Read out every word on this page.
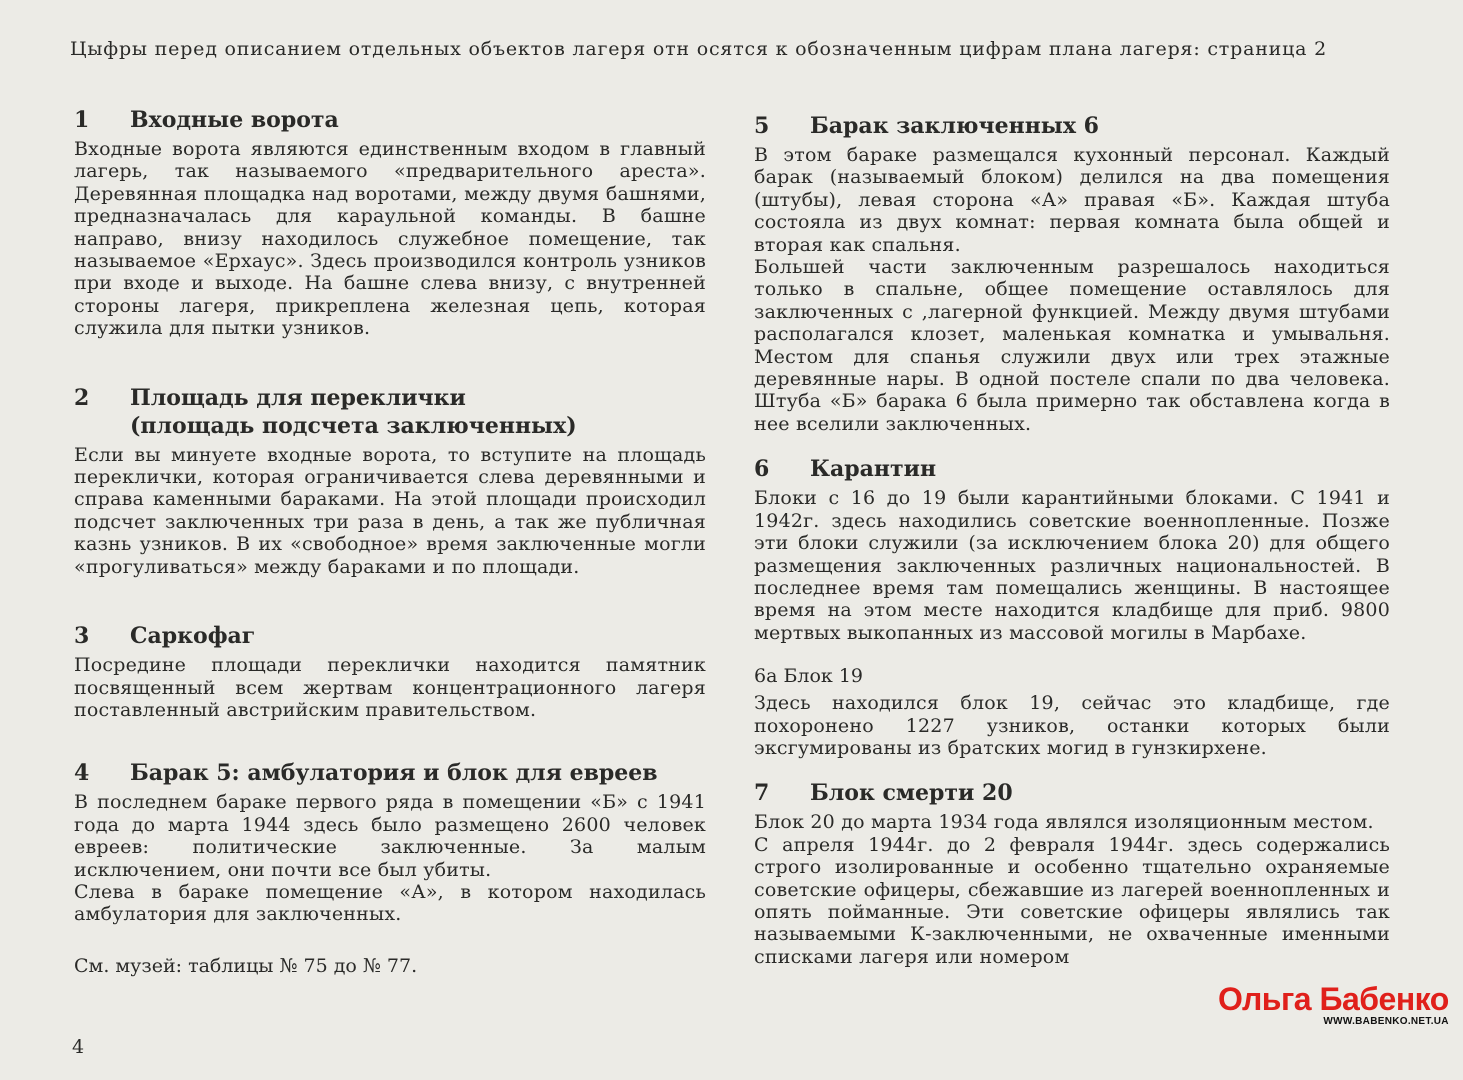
Цыфры перед описанием отдельных объектов лагеря отн осятся к обозначенным цифрам плана лагеря: страница 2
1	Входные ворота

Входные ворота являются единственным входом в главный лагерь, так называемого «предварительного ареста». Деревянная площадка над воротами, между двумя башнями, предназначалась для караульной команды. В башне направо, внизу находилось служебное помещение, так называемое «Ерхаус». Здесь производился контроль узников при входе и выходе. На башне слева внизу, с внутренней стороны лагеря, прикреплена железная цепь, которая служила для пытки узников.

2	Площадь для переклички
(площадь подсчета заключенных)

Если вы минуете входные ворота, то вступите на площадь переклички, которая ограничивается слева деревянными и справа каменными бараками. На этой площади происходил подсчет заключенных три раза в день, а так же публичная казнь узников. В их «свободное» время заключенные могли «прогуливаться» между бараками и по площади.

3	Саркофаг

Посредине площади переклички находится памятник посвященный всем жертвам концентрационного лагеря поставленный австрийским правительством.

4	Барак 5: амбулатория и блок для евреев

В последнем бараке первого ряда в помещении «Б» с 1941 года до марта 1944 здесь было размещено 2600 человек евреев: политические заключенные. За малым исключением, они почти все был убиты.

Слева в бараке помещение «А», в котором находилась амбулатория для заключенных.

См. музей: таблицы № 75 до № 77.

5	Барак заключенных 6

В этом бараке размещался кухонный персонал. Каждый барак (называемый блоком) делился на два помещения (штубы), левая сторона «А» правая «Б». Каждая штуба состояла из двух комнат: первая комната была общей и вторая как спальня.

Большей части заключенным разрешалось находиться только в спальне, общее помещение оставлялось для заключенных с ,лагерной функцией. Между двумя штубами располагался клозет, маленькая комнатка и умывальня. Местом для спанья служили двух или трех этажные деревянные нары. В одной постеле спали по два человека. Штуба «Б» барака 6 была примерно так обставлена когда в нее вселили заключенных.

6	Карантин

Блоки с 16 до 19 были карантийными блоками. С 1941 и 1942г. здесь находились советские военнопленные. Позже эти блоки служили (за исключением блока 20) для общего размещения заключенных различных национальностей. В последнее время там помещались женщины. В настоящее время на этом месте находится кладбище для приб. 9800 мертвых выкопанных из массовой могилы в Марбахе.

6а Блок 19

Здесь находился блок 19, сейчас это кладбище, где похоронено 1227 узников, останки которых были эксгумированы из братских могид в гунзкирхене.

7	Блок смерти 20

Блок 20 до марта 1934 года являлся изоляционным местом.

С апреля 1944г. до 2 февраля 1944г. здесь содержались строго изолированные и особенно тщательно охраняемые советские офицеры, сбежавшие из лагерей военнопленных и опять пойманные. Эти советские офицеры являлись так называемыми К-заключенными, не охваченные именными списками лагеря или номером

4
Ольга Бабенко
WWW.BABENKO.NET.UA
